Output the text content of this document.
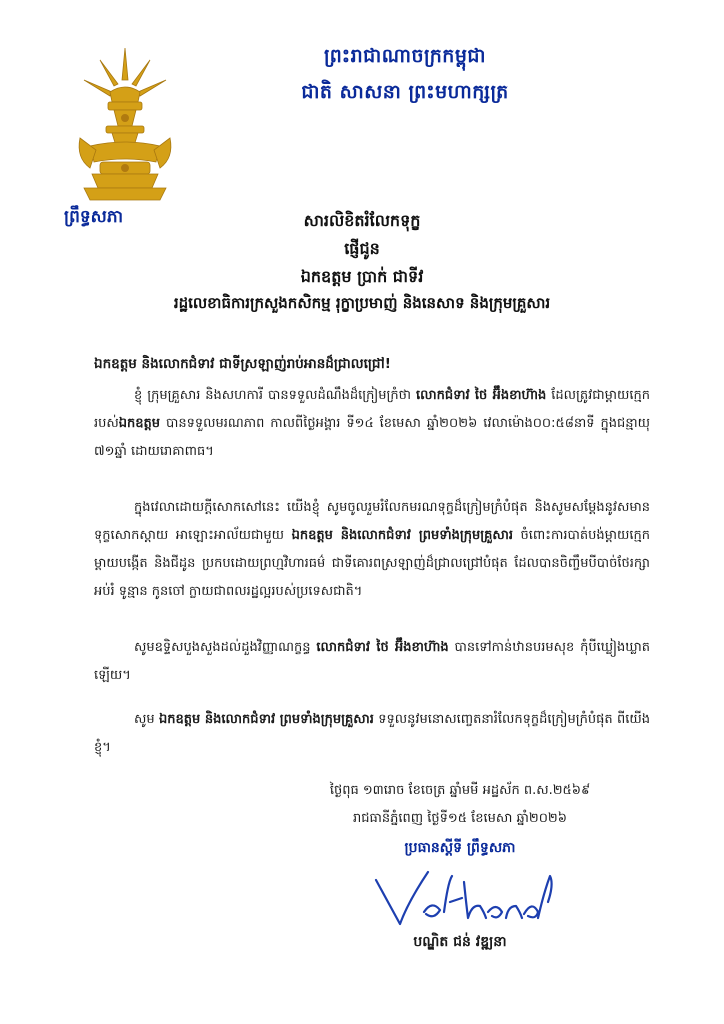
ព្រះរាជាណាចក្រកម្ពុជា
ជាតិ សាសនា ព្រះមហាក្សត្រ
ព្រឹទ្ធសភា	សារលិខិតរំលែកទុក្ខ
ផ្ញើជូន
ឯកឧត្តម ប្រាក់ ជាទីវ
រដ្ឋលេខាធិការក្រសួងកសិកម្ម រុក្ខាប្រមាញ់ និងនេសាទ និងក្រុមគ្រួសារ
ឯកឧត្តម និងលោកជំទាវ ជាទីស្រឡាញ់រាប់អានដ៏ជ្រាលជ្រៅ!
ខ្ញុំ ក្រុមគ្រួសារ និងសហការី បានទទួលដំណឹងដ៏ក្រៀមក្រំថា លោកជំទាវ ថៃ អ៊ឹងខាហ៊ាង ដែលត្រូវជាម្ដាយក្មេករបស់ឯកឧត្តម បានទទួលមរណភាព កាលពីថ្ងៃអង្គារ ទី១៤ ខែមេសា ឆ្នាំ២០២៦ វេលាម៉ោង០០:៥៨នាទី ក្នុងជន្មាយុ ៧១ឆ្នាំ ដោយរោគាពាធ។
ក្នុងវេលាដោយក្ដីសោកសៅនេះ យើងខ្ញុំ សូមចូលរួមរំលែកមរណទុក្ខដ៏ក្រៀមក្រំបំផុត និងសូមសម្ដែងនូវសមានទុក្ខសោកស្ដាយ អាឡោះអាល័យជាមួយ ឯកឧត្តម និងលោកជំទាវ ព្រមទាំងក្រុមគ្រួសារ ចំពោះការបាត់បង់ម្ដាយក្មេក ម្ដាយបង្កើត និងជីដូន ប្រកបដោយព្រហ្មវិហារធម៌ ជាទីគោរពស្រឡាញ់ដ៏ជ្រាលជ្រៅបំផុត ដែលបានចិញ្ចឹមបីបាច់ថែរក្សា អប់រំ ទូន្មាន កូនចៅ ក្លាយជាពលរដ្ឋល្អរបស់ប្រទេសជាតិ។
សូមឧទ្ទិសបួងសួងដល់ដួងវិញ្ញាណក្ខន្ធ លោកជំទាវ ថៃ អ៊ឹងខាហ៊ាង បានទៅកាន់ឋានបរមសុខ កុំបីឃ្លៀងឃ្លាតឡើយ។
សូម ឯកឧត្តម និងលោកជំទាវ ព្រមទាំងក្រុមគ្រួសារ ទទួលនូវមនោសញ្ចេតនារំលែកទុក្ខដ៏ក្រៀមក្រំបំផុត ពីយើងខ្ញុំ។
ថ្ងៃពុធ ១៣រោច ខែចេត្រ ឆ្នាំមមី អដ្ឋស័ក ព.ស.២៥៦៩
រាជធានីភ្នំពេញ ថ្ងៃទី១៥ ខែមេសា ឆ្នាំ២០២៦
ប្រធានស្ដីទី ព្រឹទ្ធសភា
បណ្ឌិត ជន់ វឌ្ឍនា
